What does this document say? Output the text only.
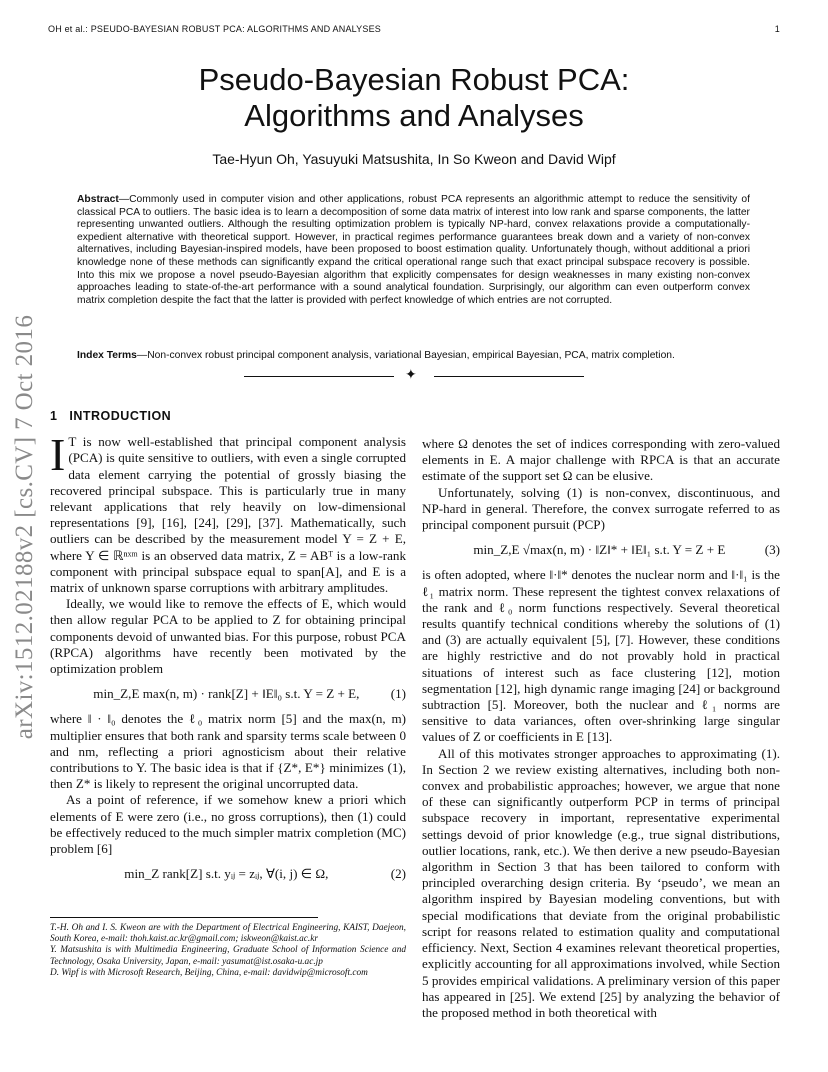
OH et al.: PSEUDO-BAYESIAN ROBUST PCA: ALGORITHMS AND ANALYSES	1
Pseudo-Bayesian Robust PCA:
Algorithms and Analyses
Tae-Hyun Oh, Yasuyuki Matsushita, In So Kweon and David Wipf
Abstract—Commonly used in computer vision and other applications, robust PCA represents an algorithmic attempt to reduce the sensitivity of classical PCA to outliers. The basic idea is to learn a decomposition of some data matrix of interest into low rank and sparse components, the latter representing unwanted outliers. Although the resulting optimization problem is typically NP-hard, convex relaxations provide a computationally-expedient alternative with theoretical support. However, in practical regimes performance guarantees break down and a variety of non-convex alternatives, including Bayesian-inspired models, have been proposed to boost estimation quality. Unfortunately though, without additional a priori knowledge none of these methods can significantly expand the critical operational range such that exact principal subspace recovery is possible. Into this mix we propose a novel pseudo-Bayesian algorithm that explicitly compensates for design weaknesses in many existing non-convex approaches leading to state-of-the-art performance with a sound analytical foundation. Surprisingly, our algorithm can even outperform convex matrix completion despite the fact that the latter is provided with perfect knowledge of which entries are not corrupted.
Index Terms—Non-convex robust principal component analysis, variational Bayesian, empirical Bayesian, PCA, matrix completion.
✦
arXiv:1512.02188v2 [cs.CV] 7 Oct 2016 1 INTRODUCTION

I T is now well-established that principal component analysis (PCA) is quite sensitive to outliers, with even a single corrupted data element carrying the potential of grossly biasing the recovered principal subspace. This is particularly true in many relevant applications that rely heavily on low-dimensional representations [9], [16], [24], [29], [37]. Mathematically, such outliers can be described by the measurement model Y = Z + E, where Y ∈ ℝⁿˣᵐ is an observed data matrix, Z = ABᵀ is a low-rank component with principal subspace equal to span[A], and E is a matrix of unknown sparse corruptions with arbitrary amplitudes.

Ideally, we would like to remove the effects of E, which would then allow regular PCA to be applied to Z for obtaining principal components devoid of unwanted bias. For this purpose, robust PCA (RPCA) algorithms have recently been motivated by the optimization problem

min_Z,E max(n, m) · rank[Z] + ‖E‖₀ s.t. Y = Z + E,	(1)

where ‖ · ‖₀ denotes the ℓ₀ matrix norm [5] and the max(n, m) multiplier ensures that both rank and sparsity terms scale between 0 and nm, reflecting a priori agnosticism about their relative contributions to Y. The basic idea is that if {Z*, E*} minimizes (1), then Z* is likely to represent the original uncorrupted data.

As a point of reference, if we somehow knew a priori which elements of E were zero (i.e., no gross corruptions), then (1) could be effectively reduced to the much simpler matrix completion (MC) problem [6]

min_Z rank[Z] s.t. yᵢⱼ = zᵢⱼ, ∀(i, j) ∈ Ω,	(2)

T.-H. Oh and I. S. Kweon are with the Department of Electrical Engineering, KAIST, Daejeon, South Korea, e-mail: thoh.kaist.ac.kr@gmail.com; iskweon@kaist.ac.kr

Y. Matsushita is with Multimedia Engineering, Graduate School of Information Science and Technology, Osaka University, Japan, e-mail: yasumat@ist.osaka-u.ac.jp

D. Wipf is with Microsoft Research, Beijing, China, e-mail: davidwip@microsoft.com

where Ω denotes the set of indices corresponding with zero-valued elements in E. A major challenge with RPCA is that an accurate estimate of the support set Ω can be elusive.

Unfortunately, solving (1) is non-convex, discontinuous, and NP-hard in general. Therefore, the convex surrogate referred to as principal component pursuit (PCP)

min_Z,E √max(n, m) · ‖Z‖* + ‖E‖₁ s.t. Y = Z + E	(3)

is often adopted, where ‖·‖* denotes the nuclear norm and ‖·‖₁ is the ℓ₁ matrix norm. These represent the tightest convex relaxations of the rank and ℓ₀ norm functions respectively. Several theoretical results quantify technical conditions whereby the solutions of (1) and (3) are actually equivalent [5], [7]. However, these conditions are highly restrictive and do not provably hold in practical situations of interest such as face clustering [12], motion segmentation [12], high dynamic range imaging [24] or background subtraction [5]. Moreover, both the nuclear and ℓ₁ norms are sensitive to data variances, often over-shrinking large singular values of Z or coefficients in E [13].

All of this motivates stronger approaches to approximating (1). In Section 2 we review existing alternatives, including both non-convex and probabilistic approaches; however, we argue that none of these can significantly outperform PCP in terms of principal subspace recovery in important, representative experimental settings devoid of prior knowledge (e.g., true signal distributions, outlier locations, rank, etc.). We then derive a new pseudo-Bayesian algorithm in Section 3 that has been tailored to conform with principled overarching design criteria. By ‘pseudo’, we mean an algorithm inspired by Bayesian modeling conventions, but with special modifications that deviate from the original probabilistic script for reasons related to estimation quality and computational efficiency. Next, Section 4 examines relevant theoretical properties, explicitly accounting for all approximations involved, while Section 5 provides empirical validations. A preliminary version of this paper has appeared in [25]. We extend [25] by analyzing the behavior of the proposed method in both theoretical with
